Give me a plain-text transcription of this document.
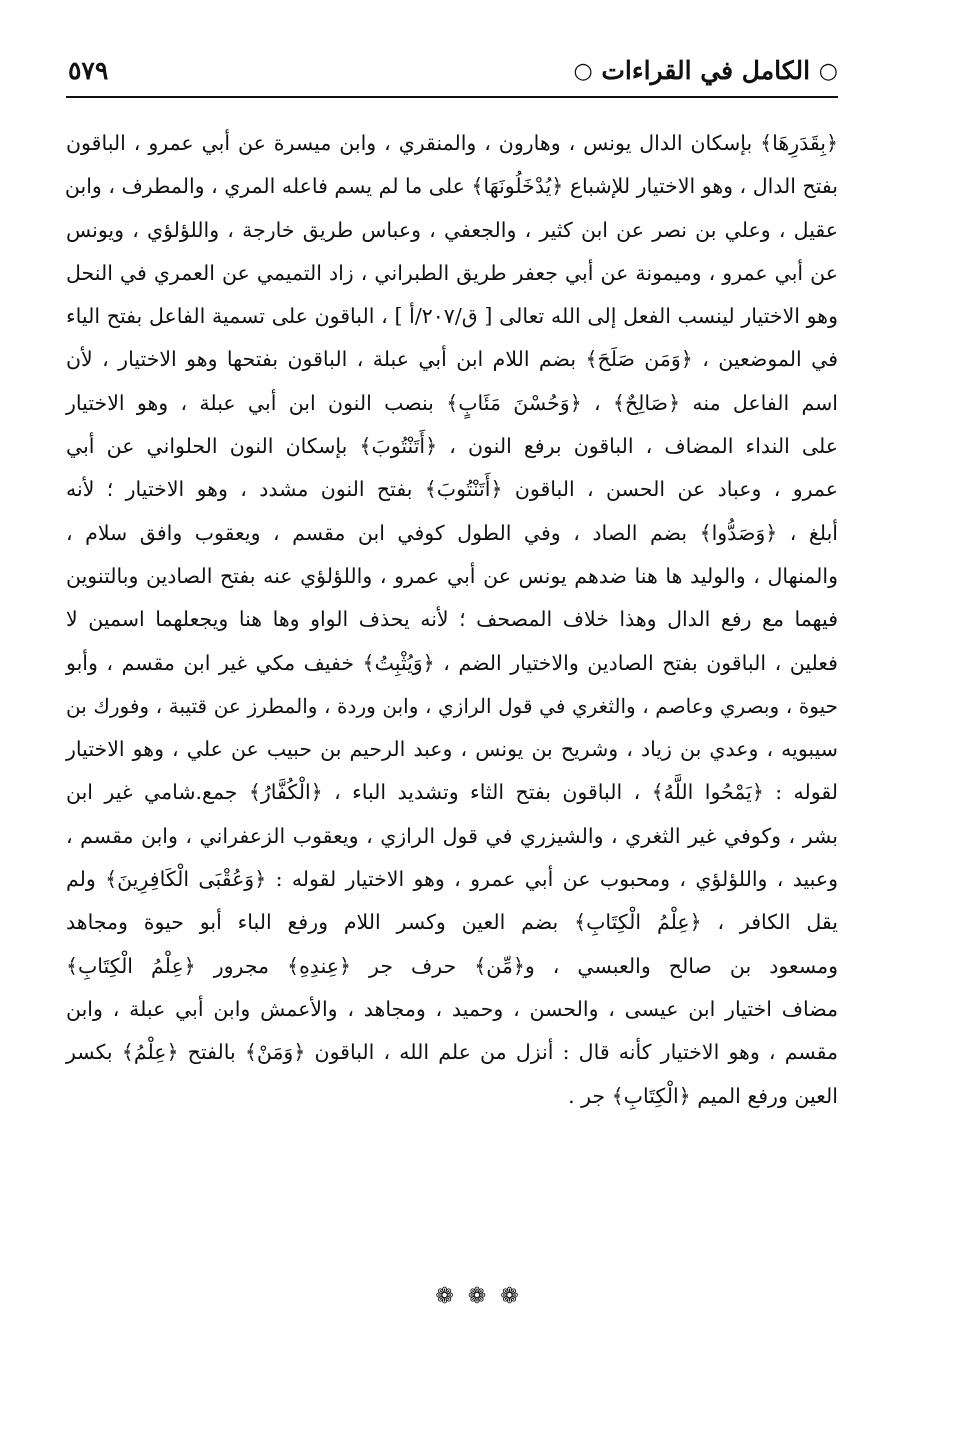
○ الكامل في القراءات ○
٥٧٩
﴿بِقَدَرِهَا﴾ بإسكان الدال يونس ، وهارون ، والمنقري ، وابن ميسرة عن أبي عمرو ، الباقون
بفتح الدال ، وهو الاختيار للإشباع ﴿يُدْخَلُونَهَا﴾ على ما لم يسم فاعله المري ، والمطرف ، وابن
عقيل ، وعلي بن نصر عن ابن كثير ، والجعفي ، وعباس طريق خارجة ، واللؤلؤي ، ويونس
عن أبي عمرو ، وميمونة عن أبي جعفر طريق الطبراني ، زاد التميمي عن العمري في النحل
وهو الاختيار لينسب الفعل إلى الله تعالى [ ق/٢٠٧/أ ] ، الباقون على تسمية الفاعل بفتح الياء
في الموضعين ، ﴿وَمَن صَلَحَ﴾ بضم اللام ابن أبي عبلة ، الباقون بفتحها وهو الاختيار ، لأن
اسم الفاعل منه ﴿صَالِحٌ﴾ ، ﴿وَحُسْنَ مَئَابٍ﴾ بنصب النون ابن أبي عبلة ، وهو الاختيار
على النداء المضاف ، الباقون برفع النون ، ﴿أَتَنْتُوبَ﴾ بإسكان النون الحلواني عن أبي
عمرو ، وعباد عن الحسن ، الباقون ﴿أَتَنْتُوبَ﴾ بفتح النون مشدد ، وهو الاختيار ؛ لأنه
أبلغ ، ﴿وَصَدُّوا﴾ بضم الصاد ، وفي الطول كوفي ابن مقسم ، ويعقوب وافق سلام ،
والمنهال ، والوليد ها هنا ضدهم يونس عن أبي عمرو ، واللؤلؤي عنه بفتح الصادين وبالتنوين
فيهما مع رفع الدال وهذا خلاف المصحف ؛ لأنه يحذف الواو وها هنا ويجعلهما اسمين لا
فعلين ، الباقون بفتح الصادين والاختيار الضم ، ﴿وَيُثْبِتُ﴾ خفيف مكي غير ابن مقسم ، وأبو
حيوة ، وبصري وعاصم ، والثغري في قول الرازي ، وابن وردة ، والمطرز عن قتيبة ، وفورك بن
سيبويه ، وعدي بن زياد ، وشريح بن يونس ، وعبد الرحيم بن حبيب عن علي ، وهو الاختيار
لقوله : ﴿يَمْحُوا اللَّهُ﴾ ، الباقون بفتح الثاء وتشديد الباء ، ﴿الْكُفَّارُ﴾ جمع.شامي غير ابن
بشر ، وكوفي غير الثغري ، والشيزري في قول الرازي ، ويعقوب الزعفراني ، وابن مقسم ،
وعبيد ، واللؤلؤي ، ومحبوب عن أبي عمرو ، وهو الاختيار لقوله : ﴿وَعُقْبَى الْكَافِرِينَ﴾ ولم
يقل الكافر ، ﴿عِلْمُ الْكِتَابِ﴾ بضم العين وكسر اللام ورفع الباء أبو حيوة ومجاهد
ومسعود بن صالح والعبسي ، و﴿مِّن﴾ حرف جر ﴿عِندِهِ﴾ مجرور ﴿عِلْمُ الْكِتَابِ﴾
مضاف اختيار ابن عيسى ، والحسن ، وحميد ، ومجاهد ، والأعمش وابن أبي عبلة ، وابن
مقسم ، وهو الاختيار كأنه قال : أنزل من علم الله ، الباقون ﴿وَمَنْ﴾ بالفتح ﴿عِلْمُ﴾ بكسر
العين ورفع الميم ﴿الْكِتَابِ﴾ جر .
❁❁❁
